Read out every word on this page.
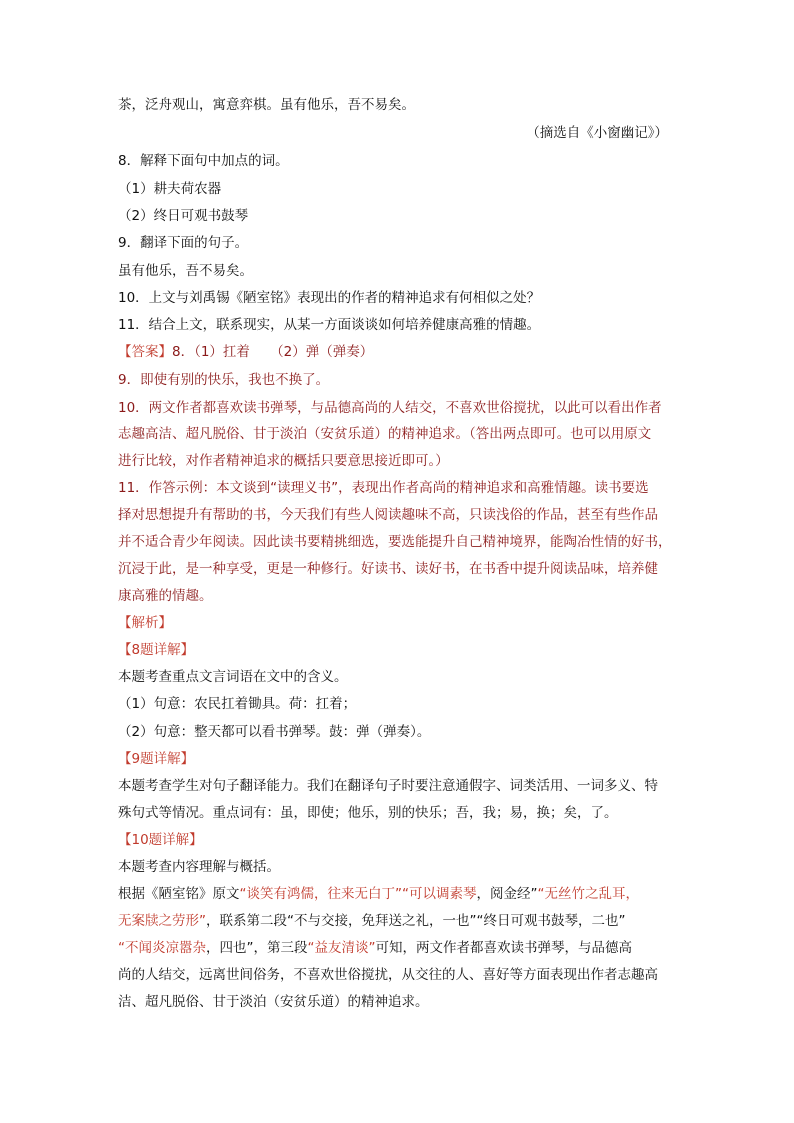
茶，泛舟观山，寓意弈棋。虽有他乐，吾不易矣。
（摘选自《小窗幽记》）
8．解释下面句中加点的词。
（1）耕夫荷农器
（2）终日可观书鼓琴
9．翻译下面的句子。
虽有他乐，吾不易矣。
10．上文与刘禹锡《陋室铭》表现出的作者的精神追求有何相似之处？
11．结合上文，联系现实，从某一方面谈谈如何培养健康高雅的情趣。
【答案】8．（1）扛着　　（2）弹（弹奏）
9．即使有别的快乐，我也不换了。
10．两文作者都喜欢读书弹琴，与品德高尚的人结交，不喜欢世俗搅扰，以此可以看出作者
志趣高洁、超凡脱俗、甘于淡泊（安贫乐道）的精神追求。（答出两点即可。也可以用原文
进行比较，对作者精神追求的概括只要意思接近即可。）
11．作答示例：本文谈到“读理义书”，表现出作者高尚的精神追求和高雅情趣。读书要选
择对思想提升有帮助的书，今天我们有些人阅读趣味不高，只读浅俗的作品，甚至有些作品
并不适合青少年阅读。因此读书要精挑细选，要选能提升自己精神境界，能陶冶性情的好书，
沉浸于此，是一种享受，更是一种修行。好读书、读好书，在书香中提升阅读品味，培养健
康高雅的情趣。
【解析】
【8题详解】
本题考查重点文言词语在文中的含义。
（1）句意：农民扛着锄具。荷：扛着；
（2）句意：整天都可以看书弹琴。鼓：弹（弹奏）。
【9题详解】
本题考查学生对句子翻译能力。我们在翻译句子时要注意通假字、词类活用、一词多义、特
殊句式等情况。重点词有：虽，即使；他乐，别的快乐；吾，我；易，换；矣，了。
【10题详解】
本题考查内容理解与概括。
根据《陋室铭》原文“谈笑有鸿儒，往来无白丁”“可以调素琴，阅金经”“无丝竹之乱耳，
无案牍之劳形”，联系第二段“不与交接，免拜送之礼，一也”“终日可观书鼓琴，二也”
“不闻炎凉嚣杂，四也”，第三段“益友清谈”可知，两文作者都喜欢读书弹琴，与品德高
尚的人结交，远离世间俗务，不喜欢世俗搅扰，从交往的人、喜好等方面表现出作者志趣高
洁、超凡脱俗、甘于淡泊（安贫乐道）的精神追求。
